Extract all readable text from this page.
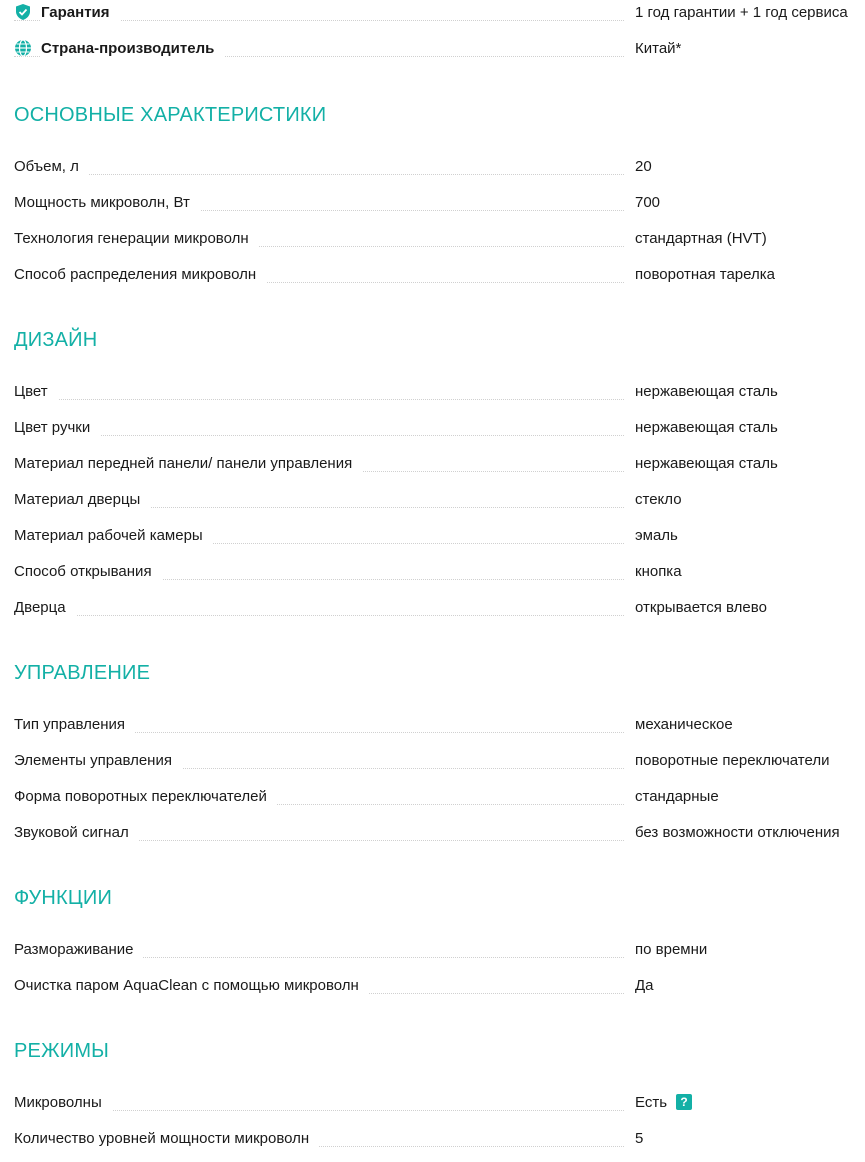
Гарантия	1 год гарантии + 1 год сервиса
Страна-производитель	Китай*
ОСНОВНЫЕ ХАРАКТЕРИСТИКИ
Объем, л	20
Мощность микроволн, Вт	700
Технология генерации микроволн	стандартная (HVT)
Способ распределения микроволн	поворотная тарелка
ДИЗАЙН
Цвет	нержавеющая сталь
Цвет ручки	нержавеющая сталь
Материал передней панели/ панели управления	нержавеющая сталь
Материал дверцы	стекло
Материал рабочей камеры	эмаль
Способ открывания	кнопка
Дверца	открывается влево
УПРАВЛЕНИЕ
Тип управления	механическое
Элементы управления	поворотные переключатели
Форма поворотных переключателей	стандарные
Звуковой сигнал	без возможности отключения
ФУНКЦИИ
Размораживание	по времни
Очистка паром AquaClean с помощью микроволн	Да
РЕЖИМЫ
Микроволны	Есть	?
Количество уровней мощности микроволн	5
